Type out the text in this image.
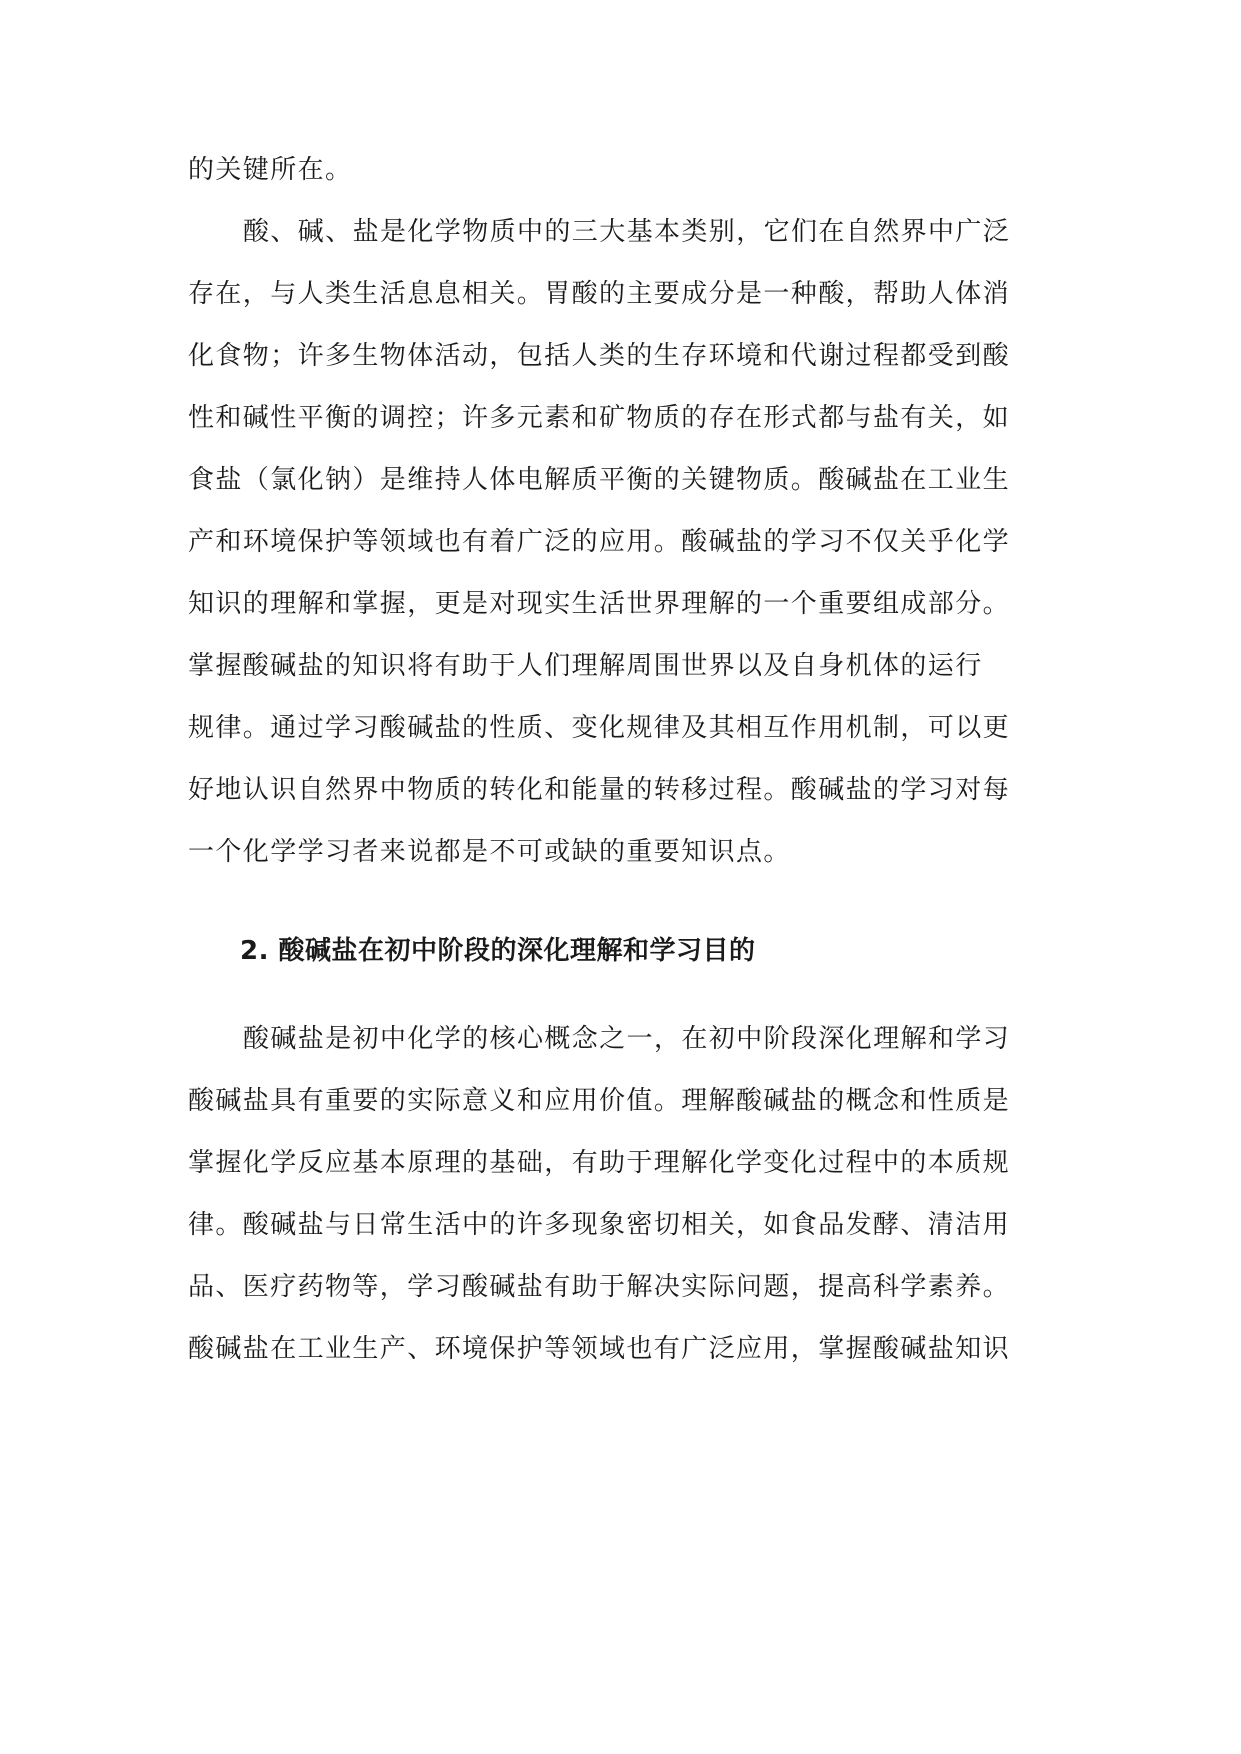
的关键所在。
酸、碱、盐是化学物质中的三大基本类别，它们在自然界中广泛
存在，与人类生活息息相关。胃酸的主要成分是一种酸，帮助人体消
化食物；许多生物体活动，包括人类的生存环境和代谢过程都受到酸
性和碱性平衡的调控；许多元素和矿物质的存在形式都与盐有关，如
食盐（氯化钠）是维持人体电解质平衡的关键物质。酸碱盐在工业生
产和环境保护等领域也有着广泛的应用。酸碱盐的学习不仅关乎化学
知识的理解和掌握，更是对现实生活世界理解的一个重要组成部分。
掌握酸碱盐的知识将有助于人们理解周围世界以及自身机体的运行
规律。通过学习酸碱盐的性质、变化规律及其相互作用机制，可以更
好地认识自然界中物质的转化和能量的转移过程。酸碱盐的学习对每
一个化学学习者来说都是不可或缺的重要知识点。
2. 酸碱盐在初中阶段的深化理解和学习目的
酸碱盐是初中化学的核心概念之一，在初中阶段深化理解和学习
酸碱盐具有重要的实际意义和应用价值。理解酸碱盐的概念和性质是
掌握化学反应基本原理的基础，有助于理解化学变化过程中的本质规
律。酸碱盐与日常生活中的许多现象密切相关，如食品发酵、清洁用
品、医疗药物等，学习酸碱盐有助于解决实际问题，提高科学素养。
酸碱盐在工业生产、环境保护等领域也有广泛应用，掌握酸碱盐知识
